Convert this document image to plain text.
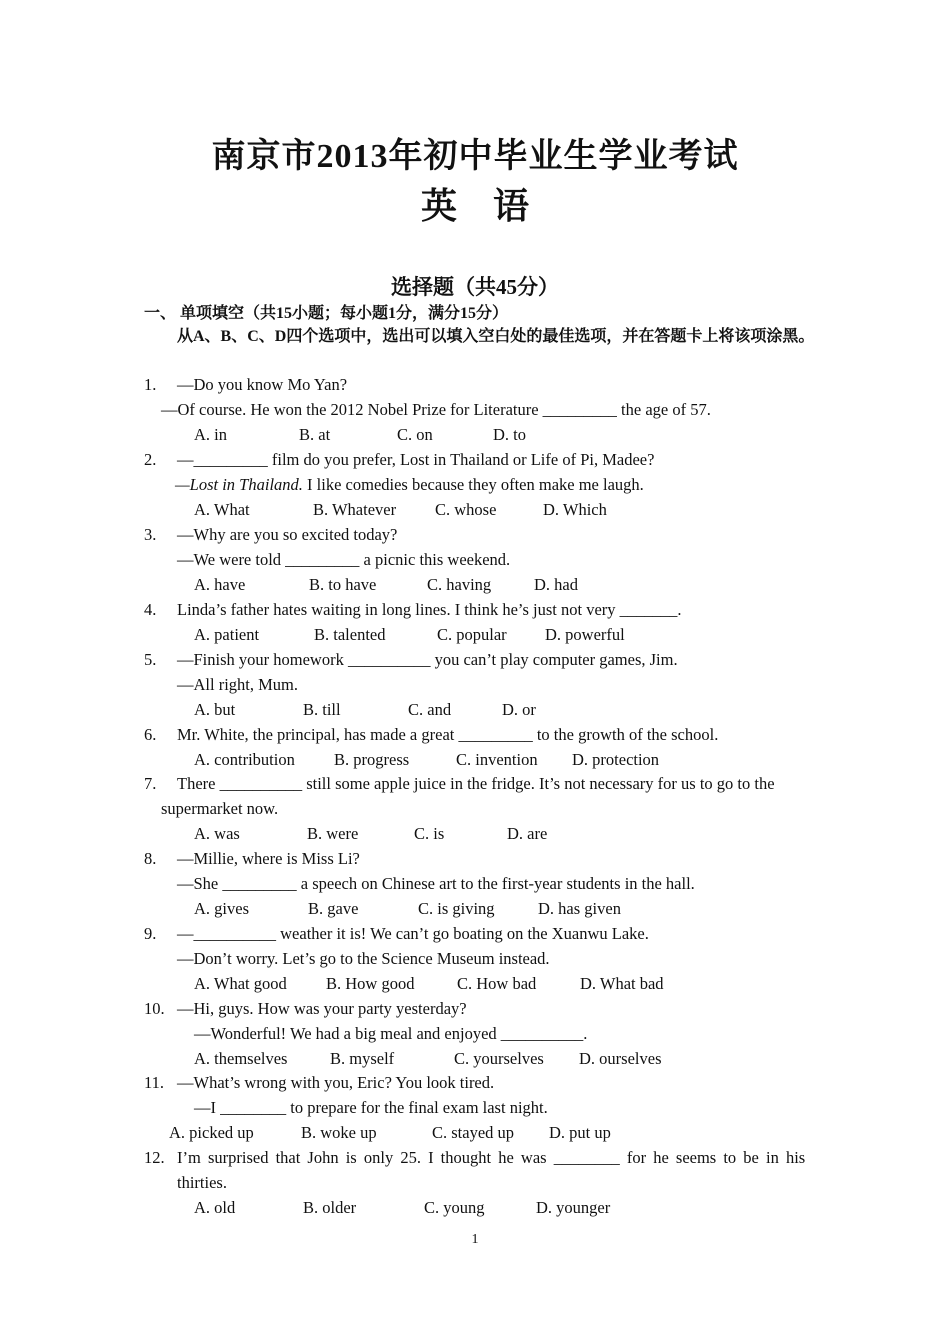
南京市2013年初中毕业生学业考试
英 语
选择题（共45分）
一、 单项填空（共15小题；每小题1分，满分15分）
从A、B、C、D四个选项中，选出可以填入空白处的最佳选项，并在答题卡上将该项涂黑。
1. —Do you know Mo Yan?
—Of course. He won the 2012 Nobel Prize for Literature _________ the age of 57.
A. in	B. at	C. on	D. to
2. —_________ film do you prefer, Lost in Thailand or Life of Pi, Madee?
—Lost in Thailand. I like comedies because they often make me laugh.
A. What	B. Whatever C. whose	D. Which
3. —Why are you so excited today?
—We were told _________ a picnic this weekend.
A. have	B. to have	C. having	D. had
4. Linda’s father hates waiting in long lines. I think he’s just not very _______.
A. patient	B. talented	C. popular D. powerful
5. —Finish your homework __________ you can’t play computer games, Jim.
—All right, Mum.
A. but	B. till	C. and	D. or
6. Mr. White, the principal, has made a great _________ to the growth of the school.
A. contribution B. progress	C. invention D. protection
7. There __________ still some apple juice in the fridge. It’s not necessary for us to go to the
supermarket now.
A. was	B. were	C. is	D. are
8. —Millie, where is Miss Li?
—She _________ a speech on Chinese art to the first-year students in the hall.
A. gives	B. gave	C. is giving	D. has given
9. —__________ weather it is! We can’t go boating on the Xuanwu Lake.
—Don’t worry. Let’s go to the Science Museum instead.
A. What good B. How good	C. How bad	D. What bad
10. —Hi, guys. How was your party yesterday?
—Wonderful! We had a big meal and enjoyed __________.
A. themselves	B. myself	C. yourselves D. ourselves
11. —What’s wrong with you, Eric? You look tired.
—I ________ to prepare for the final exam last night.
A. picked up	B. woke up	C. stayed up D. put up
12. I’m surprised that John is only 25. I thought he was ________ for he seems to be in his
thirties.
A. old	B. older	C. young	D. younger
1
